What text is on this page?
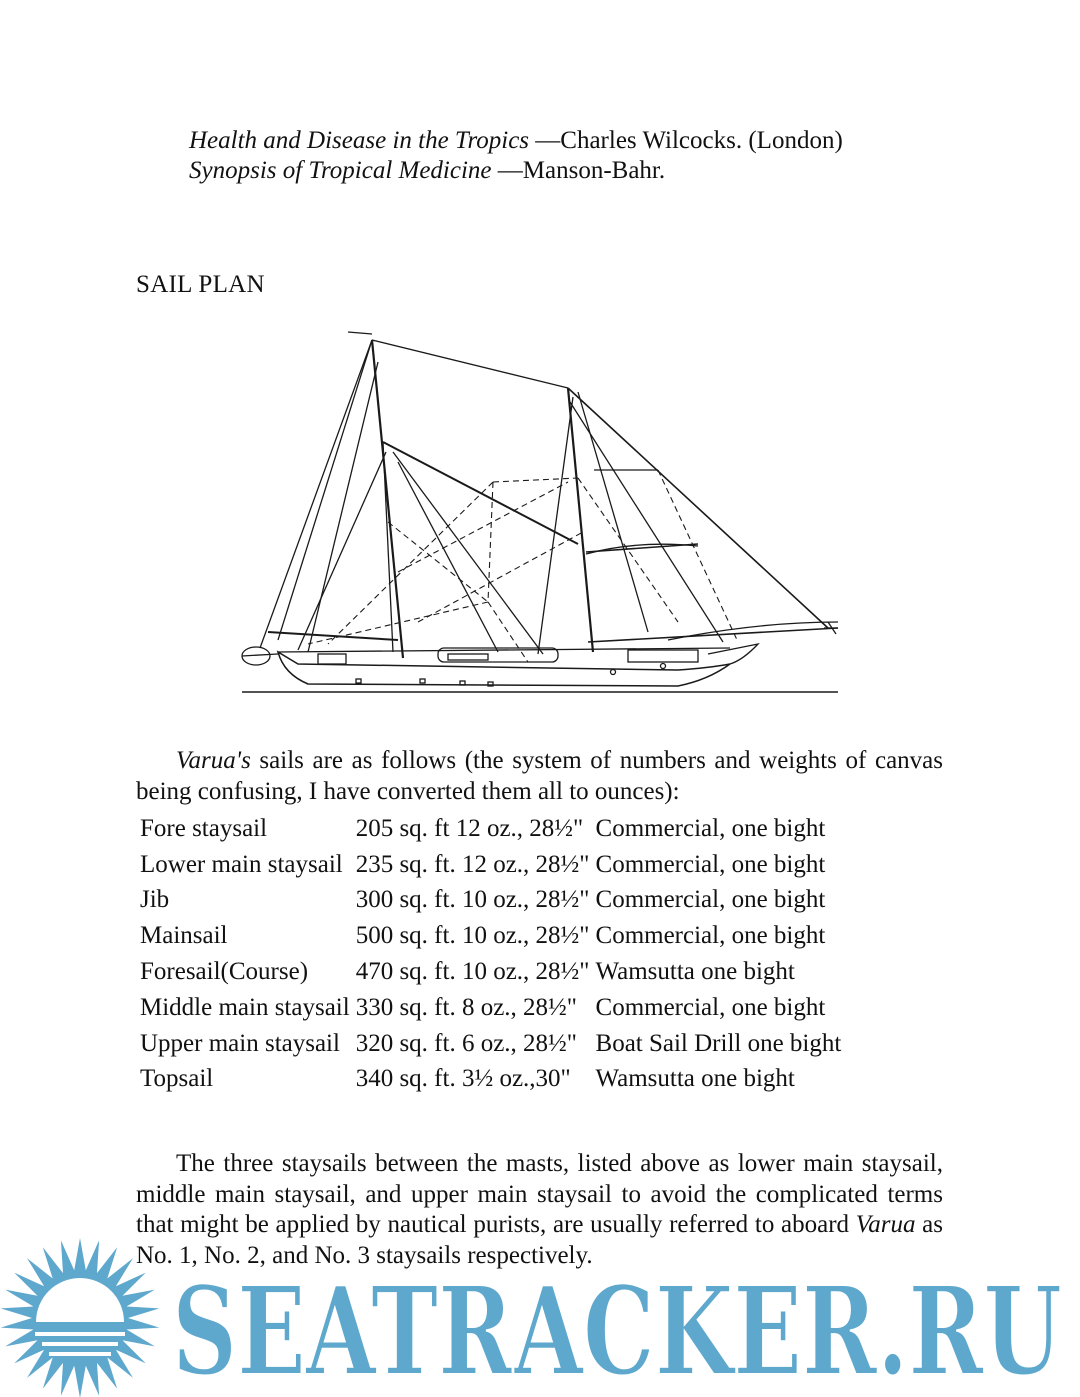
Health and Disease in the Tropics —Charles Wilcocks. (London)
Synopsis of Tropical Medicine —Manson-Bahr.
SAIL PLAN

Varua's sails are as follows (the system of numbers and weights of canvas being confusing, I have converted them all to ounces):

Fore staysail	205 sq. ft 12 oz., 28½"	Commercial, one bight
Lower main staysail	235 sq. ft. 12 oz., 28½"	Commercial, one bight
Jib	300 sq. ft. 10 oz., 28½"	Commercial, one bight
Mainsail	500 sq. ft. 10 oz., 28½"	Commercial, one bight
Foresail(Course)	470 sq. ft. 10 oz., 28½"	Wamsutta one bight
Middle main staysail	330 sq. ft. 8 oz., 28½"	Commercial, one bight
Upper main staysail	320 sq. ft. 6 oz., 28½"	Boat Sail Drill one bight
Topsail	340 sq. ft. 3½ oz.,30"	Wamsutta one bight

The three staysails between the masts, listed above as lower main staysail, middle main staysail, and upper main staysail to avoid the complicated terms that might be applied by nautical purists, are usually referred to aboard Varua as No. 1, No. 2, and No. 3 staysails respectively.

SEATRACKER.RU
